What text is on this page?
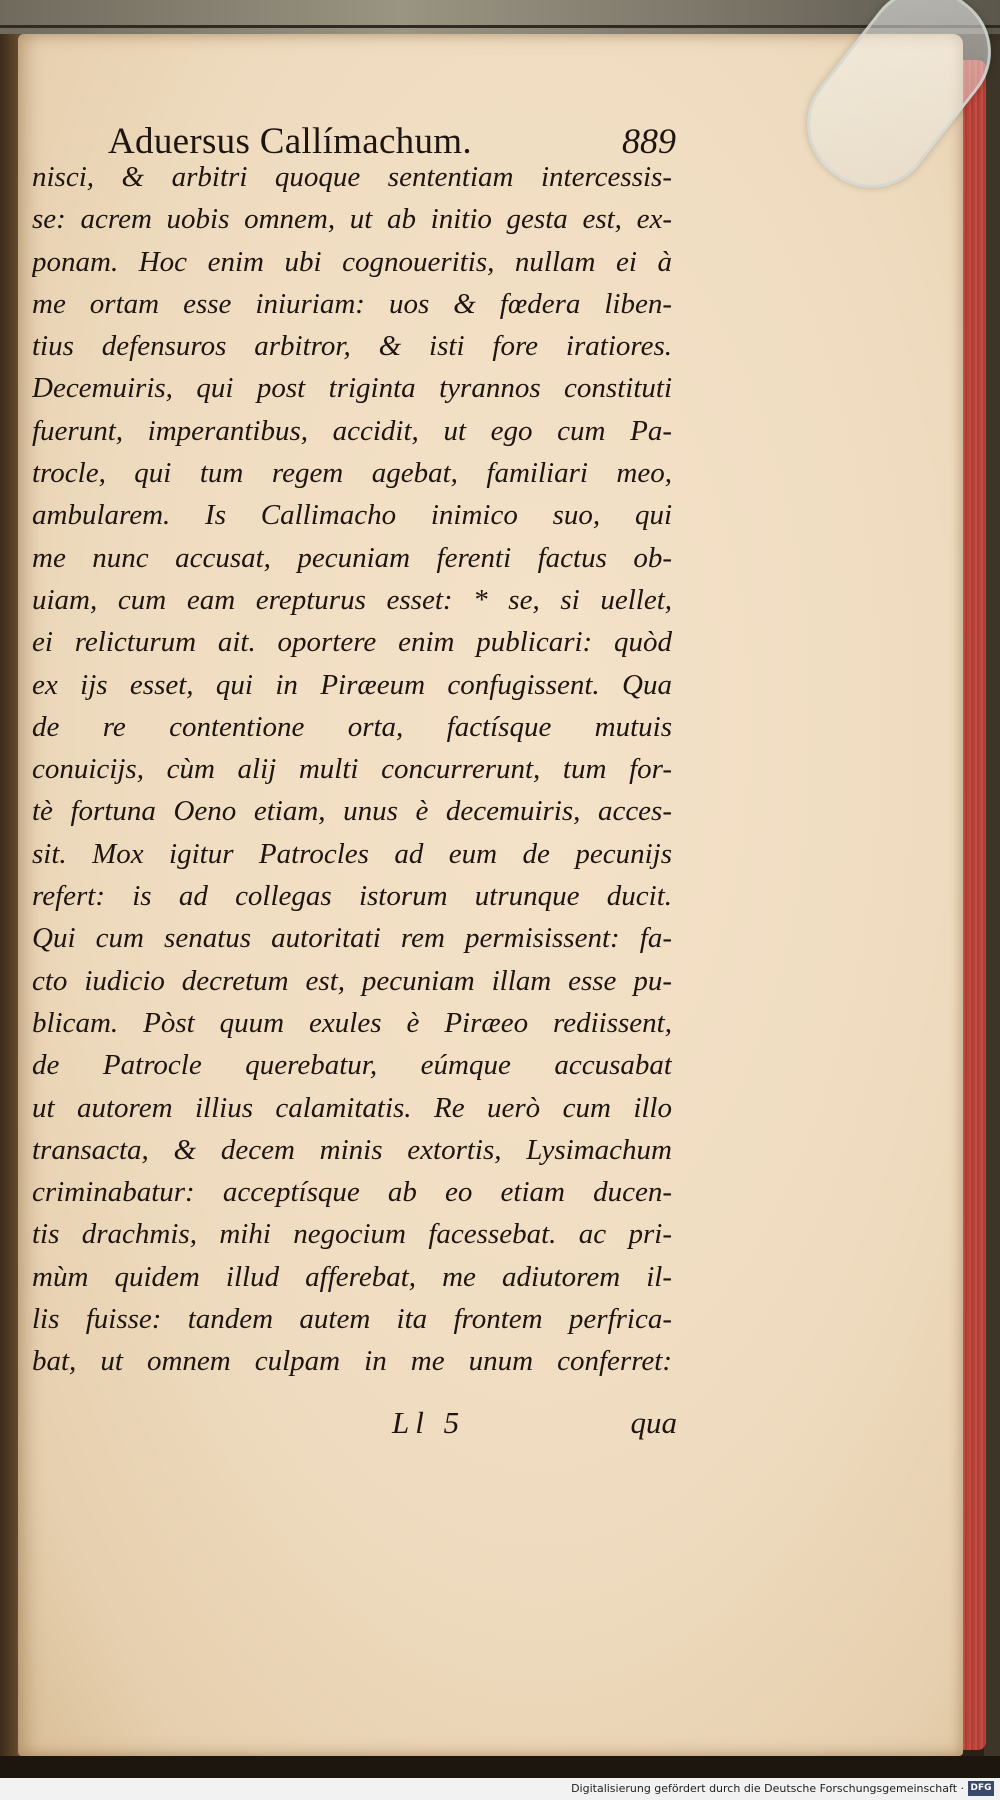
Aduersus Callímachum.	889
nisci, & arbitri quoque sententiam intercessis-
se: acrem uobis omnem, ut ab initio gesta est, ex-
ponam. Hoc enim ubi cognoueritis, nullam ei à
me ortam esse iniuriam: uos & fœdera liben-
tius defensuros arbitror, & isti fore iratiores.
Decemuiris, qui post triginta tyrannos constituti
fuerunt, imperantibus, accidit, ut ego cum Pa-
trocle, qui tum regem agebat, familiari meo,
ambularem. Is Callimacho inimico suo, qui
me nunc accusat, pecuniam ferenti factus ob-
uiam, cum eam erepturus esset: * se, si uellet,
ei relicturum ait. oportere enim publicari: quòd
ex ijs esset, qui in Piræeum confugissent. Qua
de re contentione orta, factísque mutuis
conuicijs, cùm alij multi concurrerunt, tum for-
tè fortuna Oeno etiam, unus è decemuiris, acces-
sit. Mox igitur Patrocles ad eum de pecunijs
refert: is ad collegas istorum utrunque ducit.
Qui cum senatus autoritati rem permisissent: fa-
cto iudicio decretum est, pecuniam illam esse pu-
blicam. Pòst quum exules è Piræeo rediissent,
de Patrocle querebatur, eúmque accusabat
ut autorem illius calamitatis. Re uerò cum illo
transacta, & decem minis extortis, Lysimachum
criminabatur: acceptísque ab eo etiam ducen-
tis drachmis, mihi negocium facessebat. ac pri-
mùm quidem illud afferebat, me adiutorem il-
lis fuisse: tandem autem ita frontem perfrica-
bat, ut omnem culpam in me unum conferret:
Ll 5	qua
Digitalisierung gefördert durch die Deutsche Forschungsgemeinschaft · DFG
